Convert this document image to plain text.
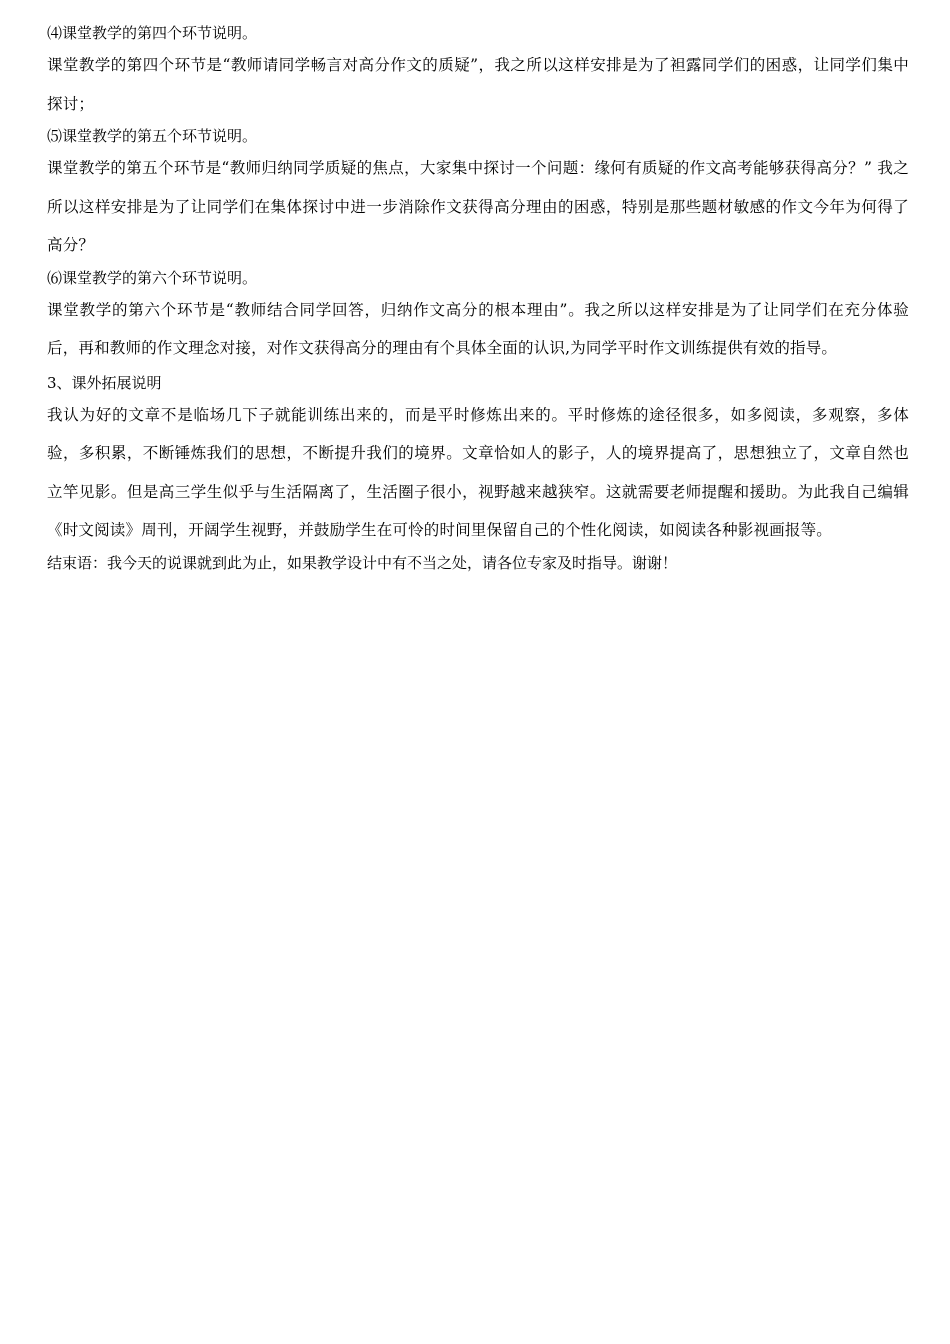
⑷课堂教学的第四个环节说明。

课堂教学的第四个环节是“教师请同学畅言对高分作文的质疑”，我之所以这样安排是为了袒露同学们的困惑，让同学们集中探讨；

⑸课堂教学的第五个环节说明。

课堂教学的第五个环节是“教师归纳同学质疑的焦点，大家集中探讨一个问题：缘何有质疑的作文高考能够获得高分？” 我之所以这样安排是为了让同学们在集体探讨中进一步消除作文获得高分理由的困惑，特别是那些题材敏感的作文今年为何得了高分？

⑹课堂教学的第六个环节说明。

课堂教学的第六个环节是“教师结合同学回答，归纳作文高分的根本理由”。我之所以这样安排是为了让同学们在充分体验后，再和教师的作文理念对接，对作文获得高分的理由有个具体全面的认识,为同学平时作文训练提供有效的指导。

3、课外拓展说明

我认为好的文章不是临场几下子就能训练出来的，而是平时修炼出来的。平时修炼的途径很多，如多阅读，多观察，多体验，多积累，不断锤炼我们的思想，不断提升我们的境界。文章恰如人的影子，人的境界提高了，思想独立了，文章自然也立竿见影。但是高三学生似乎与生活隔离了，生活圈子很小，视野越来越狭窄。这就需要老师提醒和援助。为此我自己编辑《时文阅读》周刊，开阔学生视野，并鼓励学生在可怜的时间里保留自己的个性化阅读，如阅读各种影视画报等。

结束语：我今天的说课就到此为止，如果教学设计中有不当之处，请各位专家及时指导。谢谢！
